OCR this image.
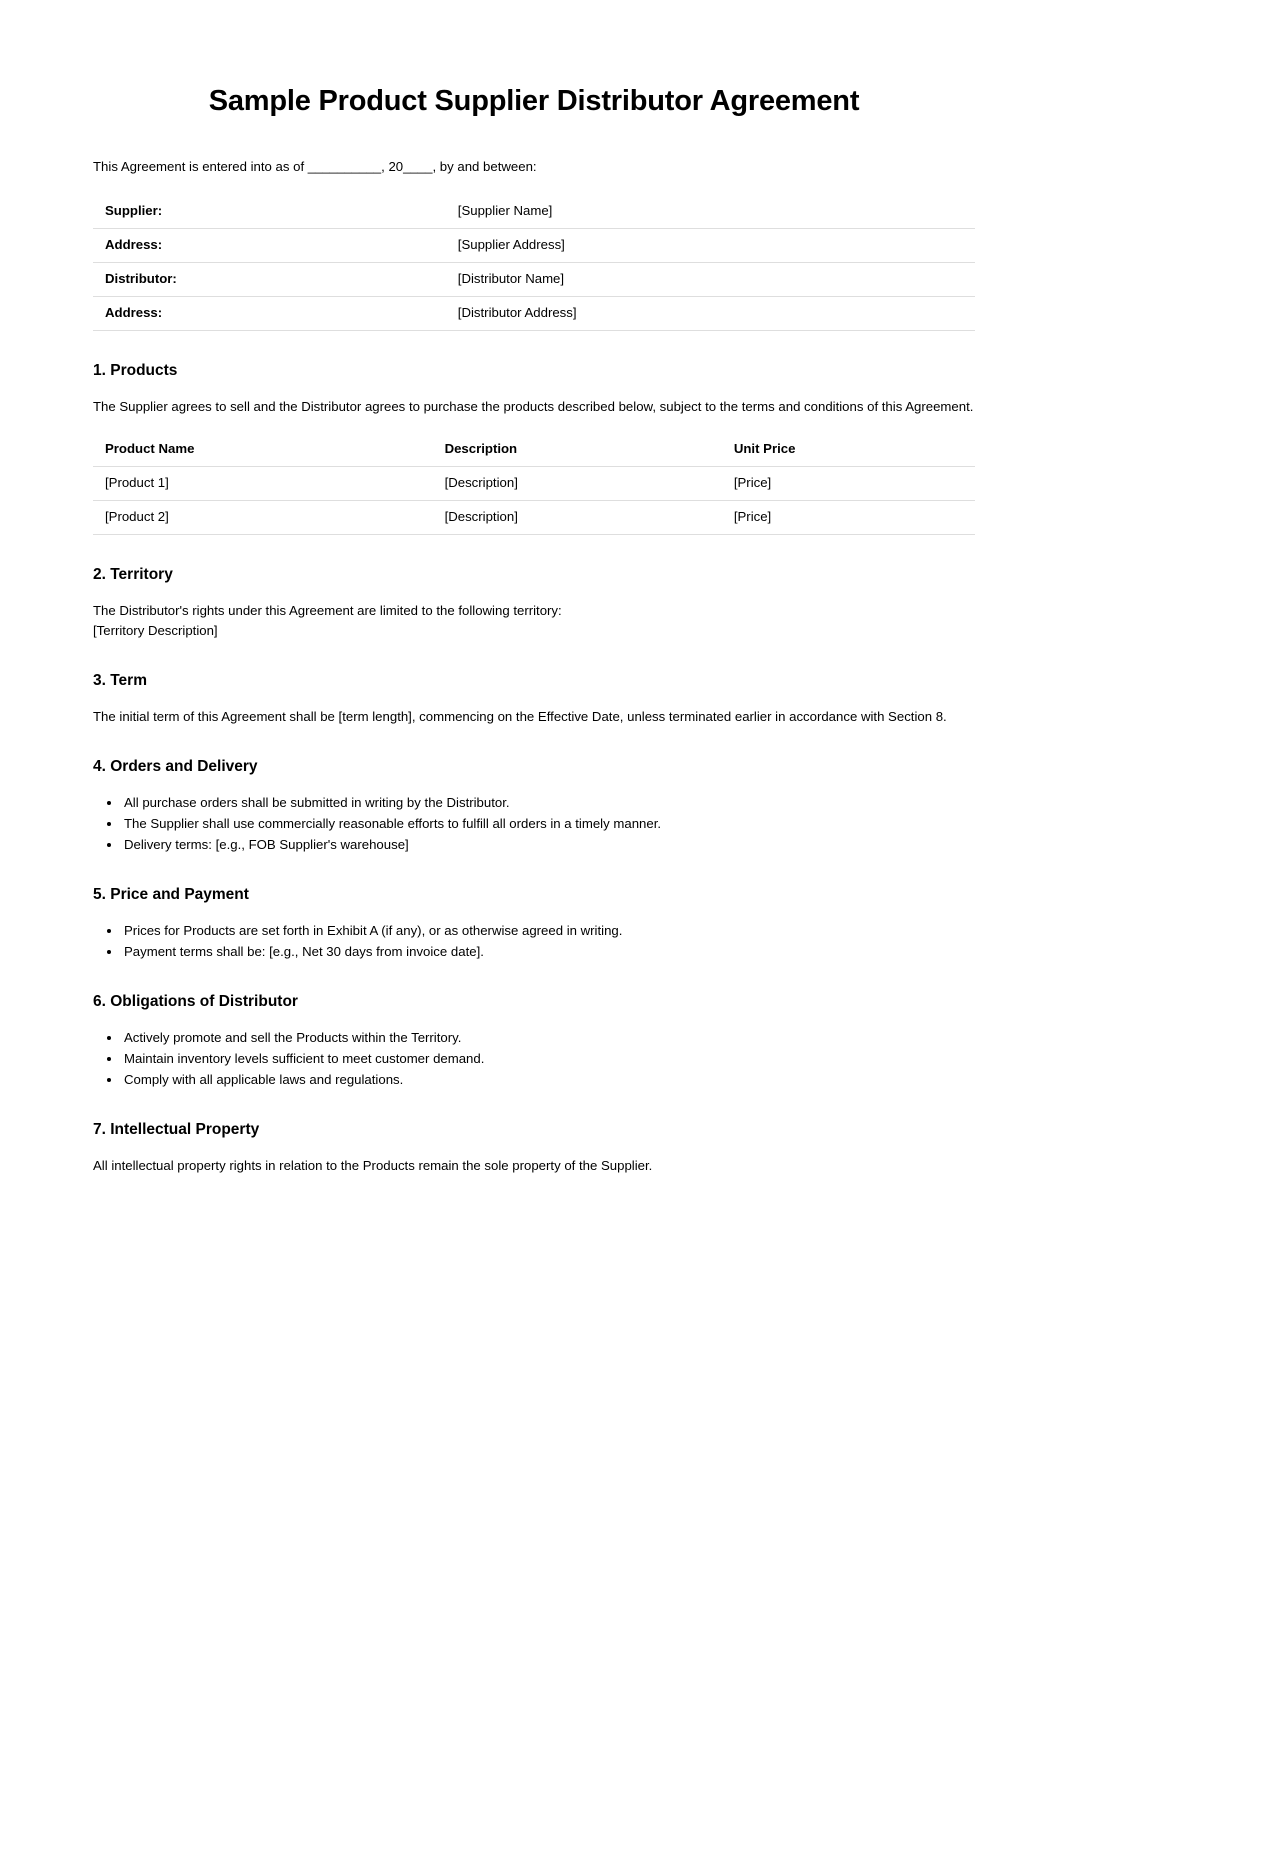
Sample Product Supplier Distributor Agreement

This Agreement is entered into as of __________, 20____, by and between:

Supplier:	[Supplier Name]
Address:	[Supplier Address]
Distributor:	[Distributor Name]
Address:	[Distributor Address]
1. Products

The Supplier agrees to sell and the Distributor agrees to purchase the products described below, subject to the terms and conditions of this Agreement.

Product Name	Description	Unit Price
[Product 1]	[Description]	[Price]
[Product 2]	[Description]	[Price]
2. Territory

The Distributor's rights under this Agreement are limited to the following territory:

[Territory Description]

3. Term

The initial term of this Agreement shall be [term length], commencing on the Effective Date, unless terminated earlier in accordance with Section 8.

4. Orders and Delivery
• All purchase orders shall be submitted in writing by the Distributor.
• The Supplier shall use commercially reasonable efforts to fulfill all orders in a timely manner.
• Delivery terms: [e.g., FOB Supplier's warehouse]
5. Price and Payment
• Prices for Products are set forth in Exhibit A (if any), or as otherwise agreed in writing.
• Payment terms shall be: [e.g., Net 30 days from invoice date].
6. Obligations of Distributor
• Actively promote and sell the Products within the Territory.
• Maintain inventory levels sufficient to meet customer demand.
• Comply with all applicable laws and regulations.
7. Intellectual Property

All intellectual property rights in relation to the Products remain the sole property of the Supplier.
